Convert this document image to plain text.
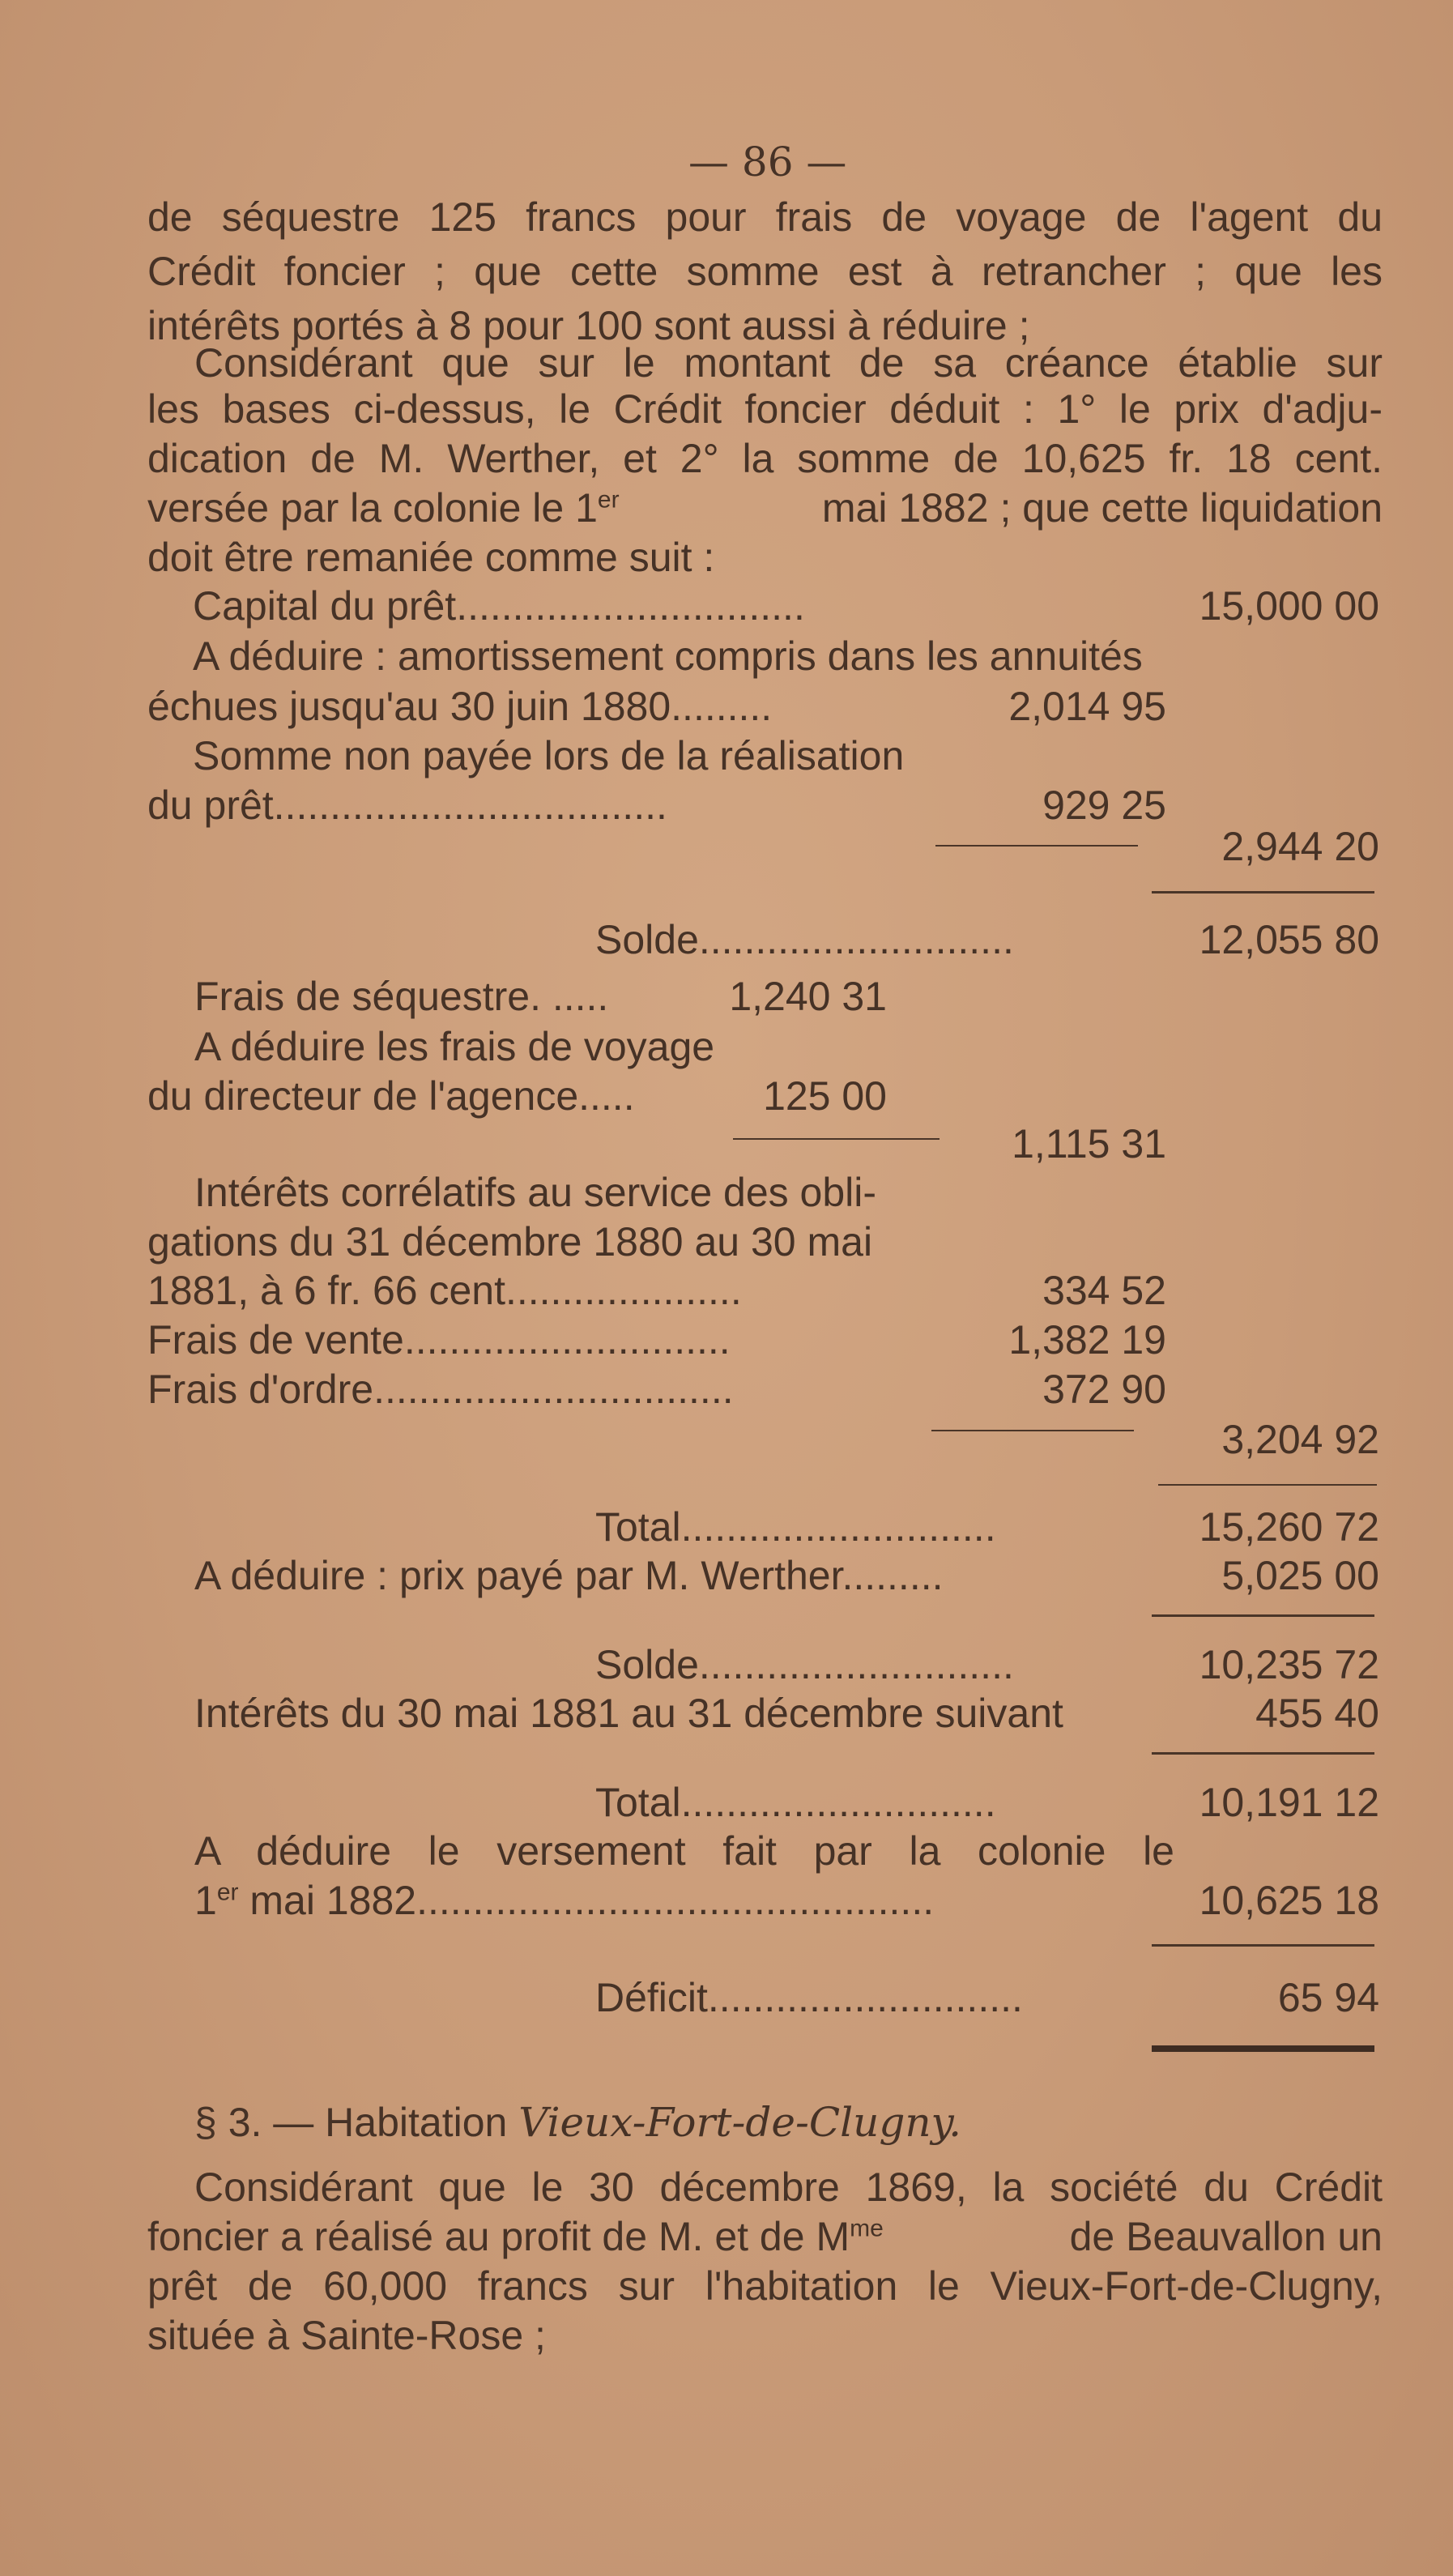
— 86 —
de séquestre 125 francs pour frais de voyage de l'agent du
Crédit foncier ; que cette somme est à retrancher ; que les
intérêts portés à 8 pour 100 sont aussi à réduire ;
Considérant que sur le montant de sa créance établie sur
les bases ci-dessus, le Crédit foncier déduit : 1° le prix d'adju-
dication de M. Werther, et 2° la somme de 10,625 fr. 18 cent.
versée par la colonie le 1er	mai 1882 ; que cette liquidation
doit être remaniée comme suit :
Capital du prêt...............................	15,000 00
A déduire : amortissement compris dans les annuités
échues jusqu'au 30 juin 1880.........	2,014 95
Somme non payée lors de la réalisation
du prêt...................................	929 25
2,944 20
Solde............................	12,055 80
Frais de séquestre. .....	1,240 31
A déduire les frais de voyage
du directeur de l'agence.....	125 00
1,115 31
Intérêts corrélatifs au service des obli-
gations du 31 décembre 1880 au 30 mai
1881, à 6 fr. 66 cent.....................	334 52
Frais de vente.............................	1,382 19
Frais d'ordre................................	372 90
3,204 92
Total............................	15,260 72
A déduire : prix payé par M. Werther.........	5,025 00
Solde............................	10,235 72
Intérêts du 30 mai 1881 au 31 décembre suivant	455 40
Total............................	10,191 12
A déduire le versement fait par la colonie le
1er mai 1882..............................................	10,625 18
Déficit............................	65 94
§ 3. — Habitation Vieux-Fort-de-Clugny.
Considérant que le 30 décembre 1869, la société du Crédit
foncier a réalisé au profit de M. et de $M^{me}$	de Beauvallon un
prêt de 60,000 francs sur l'habitation le Vieux-Fort-de-Clugny,
située à Sainte-Rose ;
